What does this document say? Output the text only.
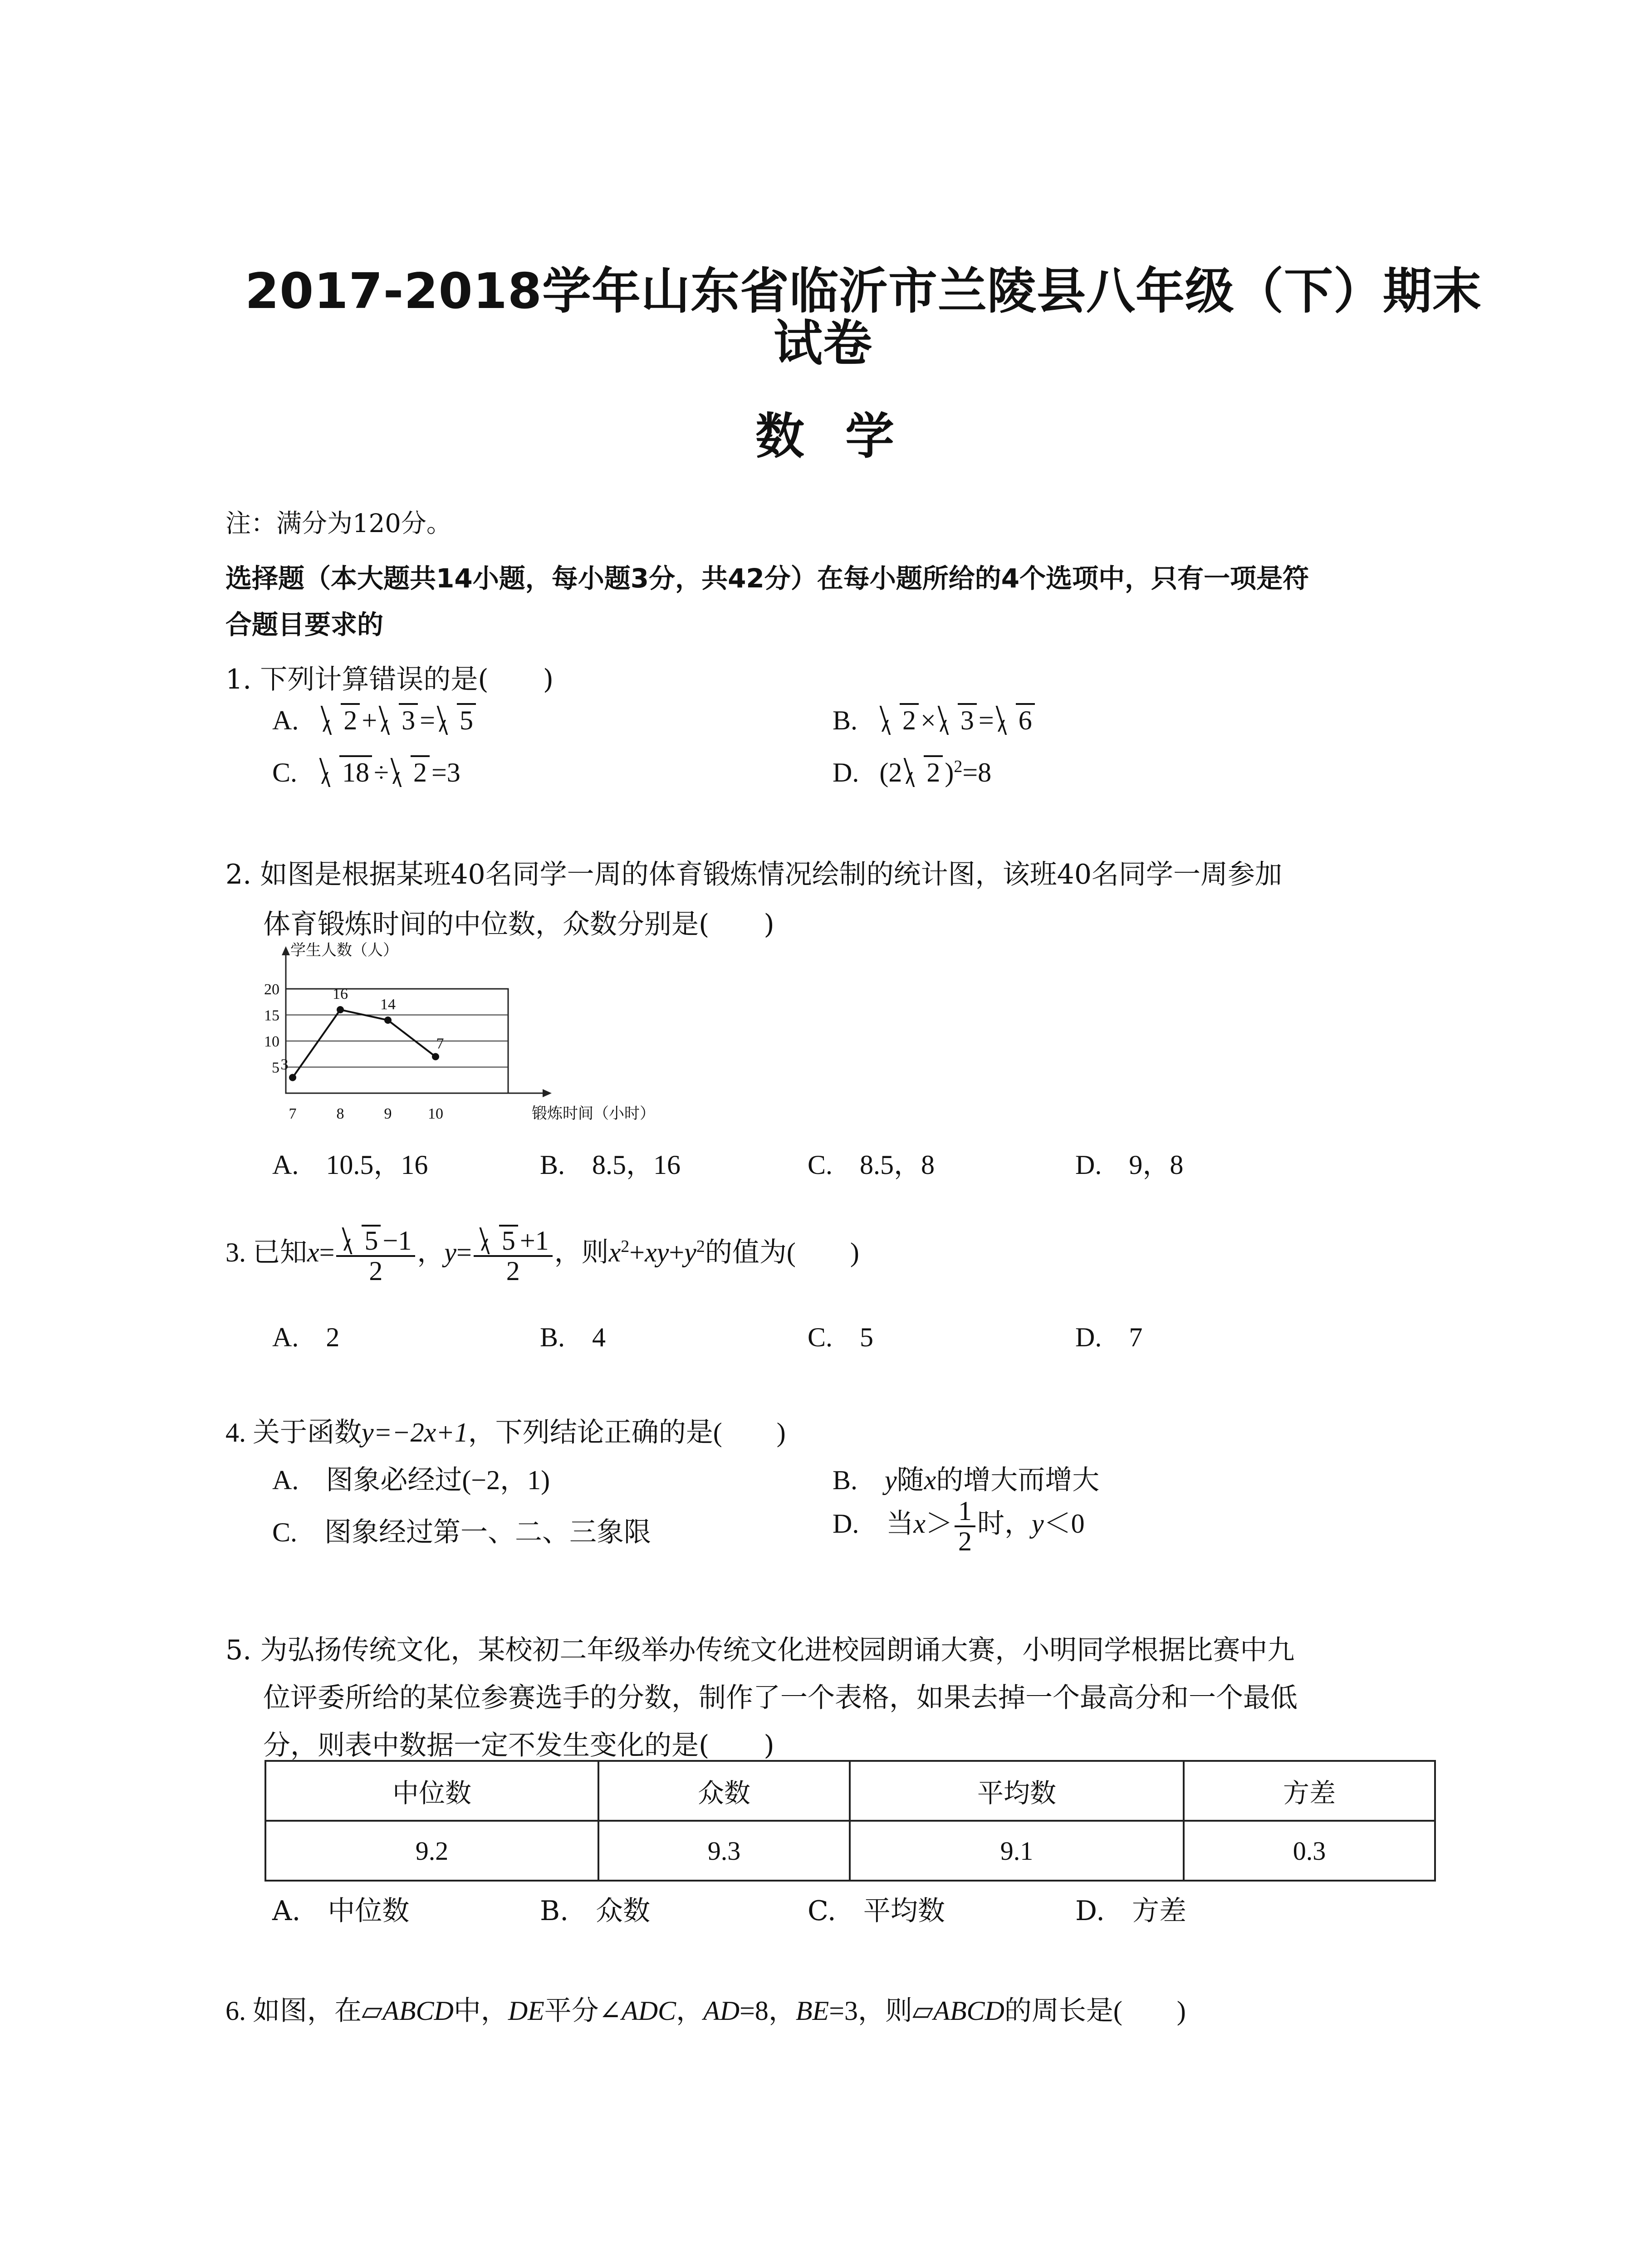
2017-2018学年山东省临沂市兰陵县八年级（下）期末
试卷
数学
注：满分为120分。
选择题（本大题共14小题，每小题3分，共42分）在每小题所给的4个选项中，只有一项是符
合题目要求的
1. 下列计算错误的是(　　)
A. 2 + 3 = 5	B. 2 × 3 = 6
C. 18 ÷ 2 =3	D. (2 2 )$^2$=8
2. 如图是根据某班40名同学一周的体育锻炼情况绘制的统计图，该班40名同学一周参加
体育锻炼时间的中位数，众数分别是(　　)
5
10
15
20
学生人数（人）
7	8	9 10	锻炼时间（小时）
3
16
14
7
A.　10.5，16	B.　8.5，16	C.　8.5，8	D.　9，8
3. 已知$x= \frac{5 -1}{2}$ ，$y= \frac{5 +1}{2}$ ，则$x^2+xy+y^2$的值为(　　)
A.　2	B.　4	C.　5	D.　7
4. 关于函数y=−2x+1，下列结论正确的是(　　)
A.　图象必经过(−2，1)	B.　y随x的增大而增大
C.　图象经过第一、二、三象限	D.　当$x> \frac{1}{2}$ 时，y＜0
5. 为弘扬传统文化，某校初二年级举办传统文化进校园朗诵大赛，小明同学根据比赛中九
位评委所给的某位参赛选手的分数，制作了一个表格，如果去掉一个最高分和一个最低
分，则表中数据一定不发生变化的是(　　)
中位数	众数	平均数	方差
9.2	9.3	9.1	0.3
A.　中位数	B.　众数	C.　平均数	D.　方差
6. 如图，在▱ABCD中，DE平分∠ADC，AD=8，BE=3，则▱ABCD的周长是(　　)
